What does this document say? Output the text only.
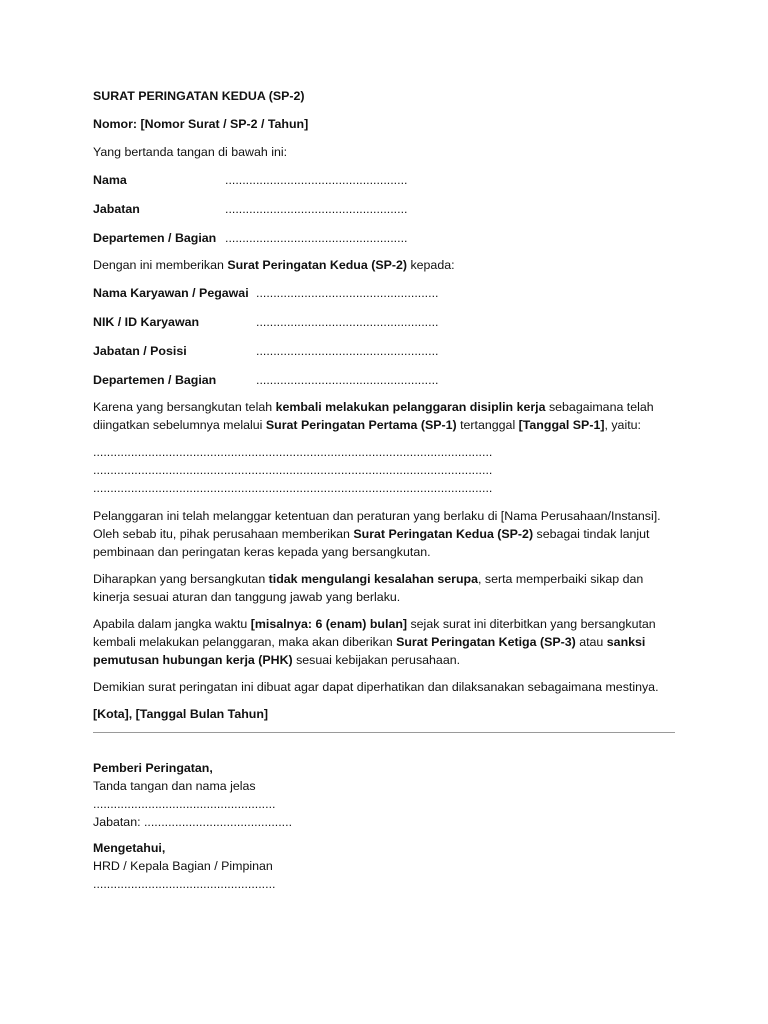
SURAT PERINGATAN KEDUA (SP-2)

Nomor: [Nomor Surat / SP-2 / Tahun]

Yang bertanda tangan di bawah ini:

Nama	.....................................................
Jabatan	.....................................................
Departemen / Bagian .....................................................

Dengan ini memberikan Surat Peringatan Kedua (SP-2) kepada:

Nama Karyawan / Pegawai .....................................................
NIK / ID Karyawan	.....................................................
Jabatan / Posisi	.....................................................
Departemen / Bagian	.....................................................

Karena yang bersangkutan telah kembali melakukan pelanggaran disiplin kerja sebagaimana telah diingatkan sebelumnya melalui Surat Peringatan Pertama (SP-1) tertanggal [Tanggal SP-1], yaitu:

....................................................................................................................
....................................................................................................................
....................................................................................................................

Pelanggaran ini telah melanggar ketentuan dan peraturan yang berlaku di [Nama Perusahaan/Instansi]. Oleh sebab itu, pihak perusahaan memberikan Surat Peringatan Kedua (SP-2) sebagai tindak lanjut pembinaan dan peringatan keras kepada yang bersangkutan.

Diharapkan yang bersangkutan tidak mengulangi kesalahan serupa, serta memperbaiki sikap dan kinerja sesuai aturan dan tanggung jawab yang berlaku.

Apabila dalam jangka waktu [misalnya: 6 (enam) bulan] sejak surat ini diterbitkan yang bersangkutan kembali melakukan pelanggaran, maka akan diberikan Surat Peringatan Ketiga (SP-3) atau sanksi pemutusan hubungan kerja (PHK) sesuai kebijakan perusahaan.

Demikian surat peringatan ini dibuat agar dapat diperhatikan dan dilaksanakan sebagaimana mestinya.

[Kota], [Tanggal Bulan Tahun]

Pemberi Peringatan,

Tanda tangan dan nama jelas

.....................................................

Jabatan: ...........................................

Mengetahui,

HRD / Kepala Bagian / Pimpinan

.....................................................
